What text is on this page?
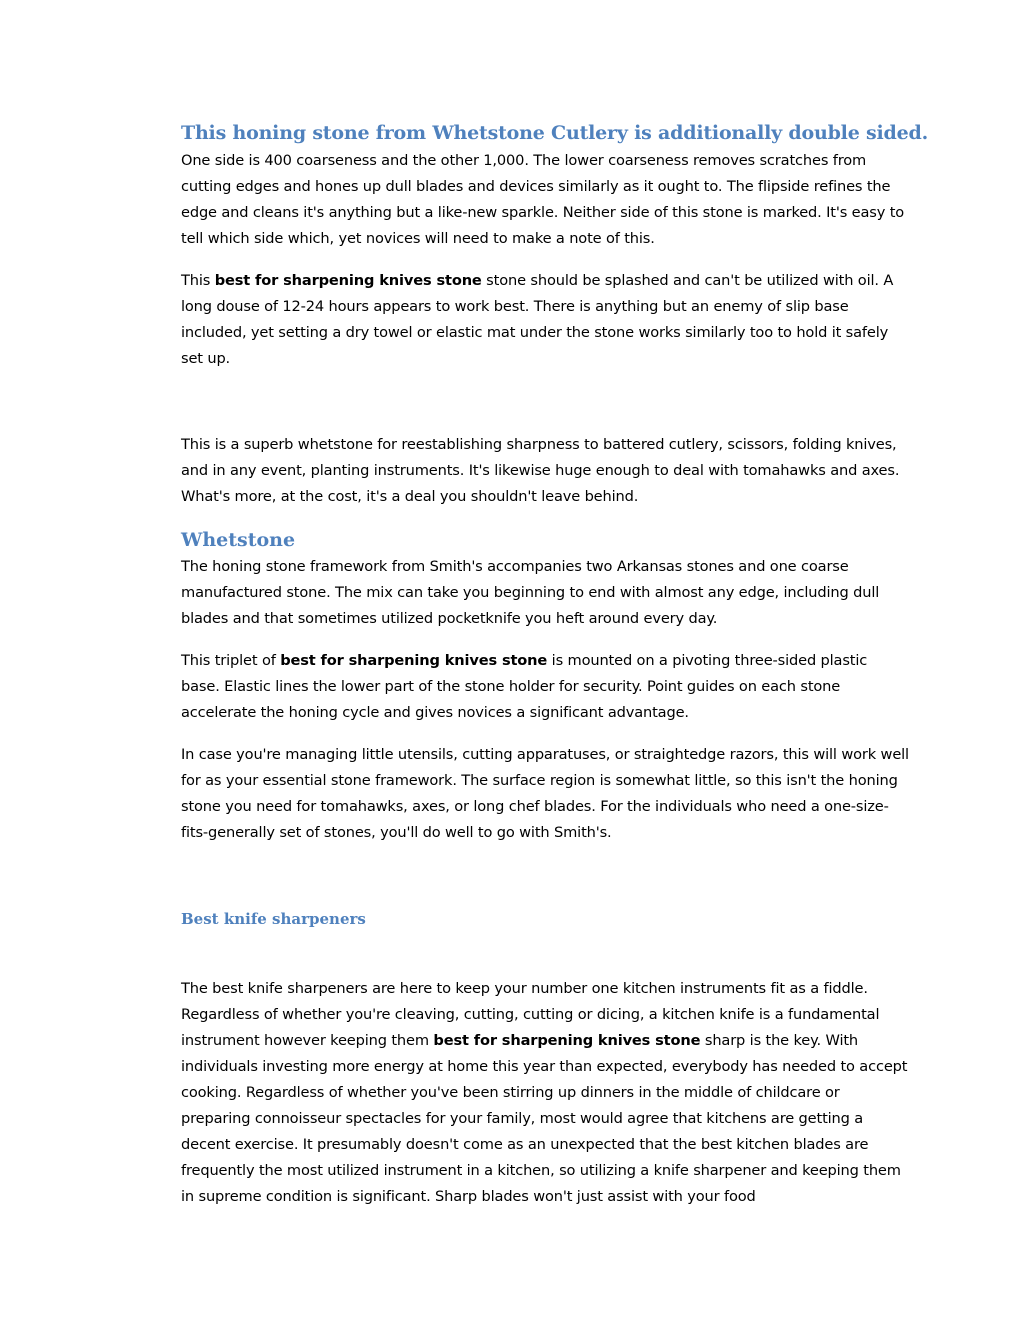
This honing stone from Whetstone Cutlery is additionally double sided.

One side is 400 coarseness and the other 1,000. The lower coarseness removes scratches from cutting edges and hones up dull blades and devices similarly as it ought to. The flipside refines the edge and cleans it's anything but a like-new sparkle. Neither side of this stone is marked. It's easy to tell which side which, yet novices will need to make a note of this.

This best for sharpening knives stone stone should be splashed and can't be utilized with oil. A long douse of 12-24 hours appears to work best. There is anything but an enemy of slip base included, yet setting a dry towel or elastic mat under the stone works similarly too to hold it safely set up.

This is a superb whetstone for reestablishing sharpness to battered cutlery, scissors, folding knives, and in any event, planting instruments. It's likewise huge enough to deal with tomahawks and axes. What's more, at the cost, it's a deal you shouldn't leave behind.

Whetstone

The honing stone framework from Smith's accompanies two Arkansas stones and one coarse manufactured stone. The mix can take you beginning to end with almost any edge, including dull blades and that sometimes utilized pocketknife you heft around every day.

This triplet of best for sharpening knives stone is mounted on a pivoting three-sided plastic base. Elastic lines the lower part of the stone holder for security. Point guides on each stone accelerate the honing cycle and gives novices a significant advantage.

In case you're managing little utensils, cutting apparatuses, or straightedge razors, this will work well for as your essential stone framework. The surface region is somewhat little, so this isn't the honing stone you need for tomahawks, axes, or long chef blades. For the individuals who need a one-size-fits-generally set of stones, you'll do well to go with Smith's.

Best knife sharpeners

The best knife sharpeners are here to keep your number one kitchen instruments fit as a fiddle. Regardless of whether you're cleaving, cutting, cutting or dicing, a kitchen knife is a fundamental instrument however keeping them best for sharpening knives stone sharp is the key. With individuals investing more energy at home this year than expected, everybody has needed to accept cooking. Regardless of whether you've been stirring up dinners in the middle of childcare or preparing connoisseur spectacles for your family, most would agree that kitchens are getting a decent exercise. It presumably doesn't come as an unexpected that the best kitchen blades are frequently the most utilized instrument in a kitchen, so utilizing a knife sharpener and keeping them in supreme condition is significant. Sharp blades won't just assist with your food
